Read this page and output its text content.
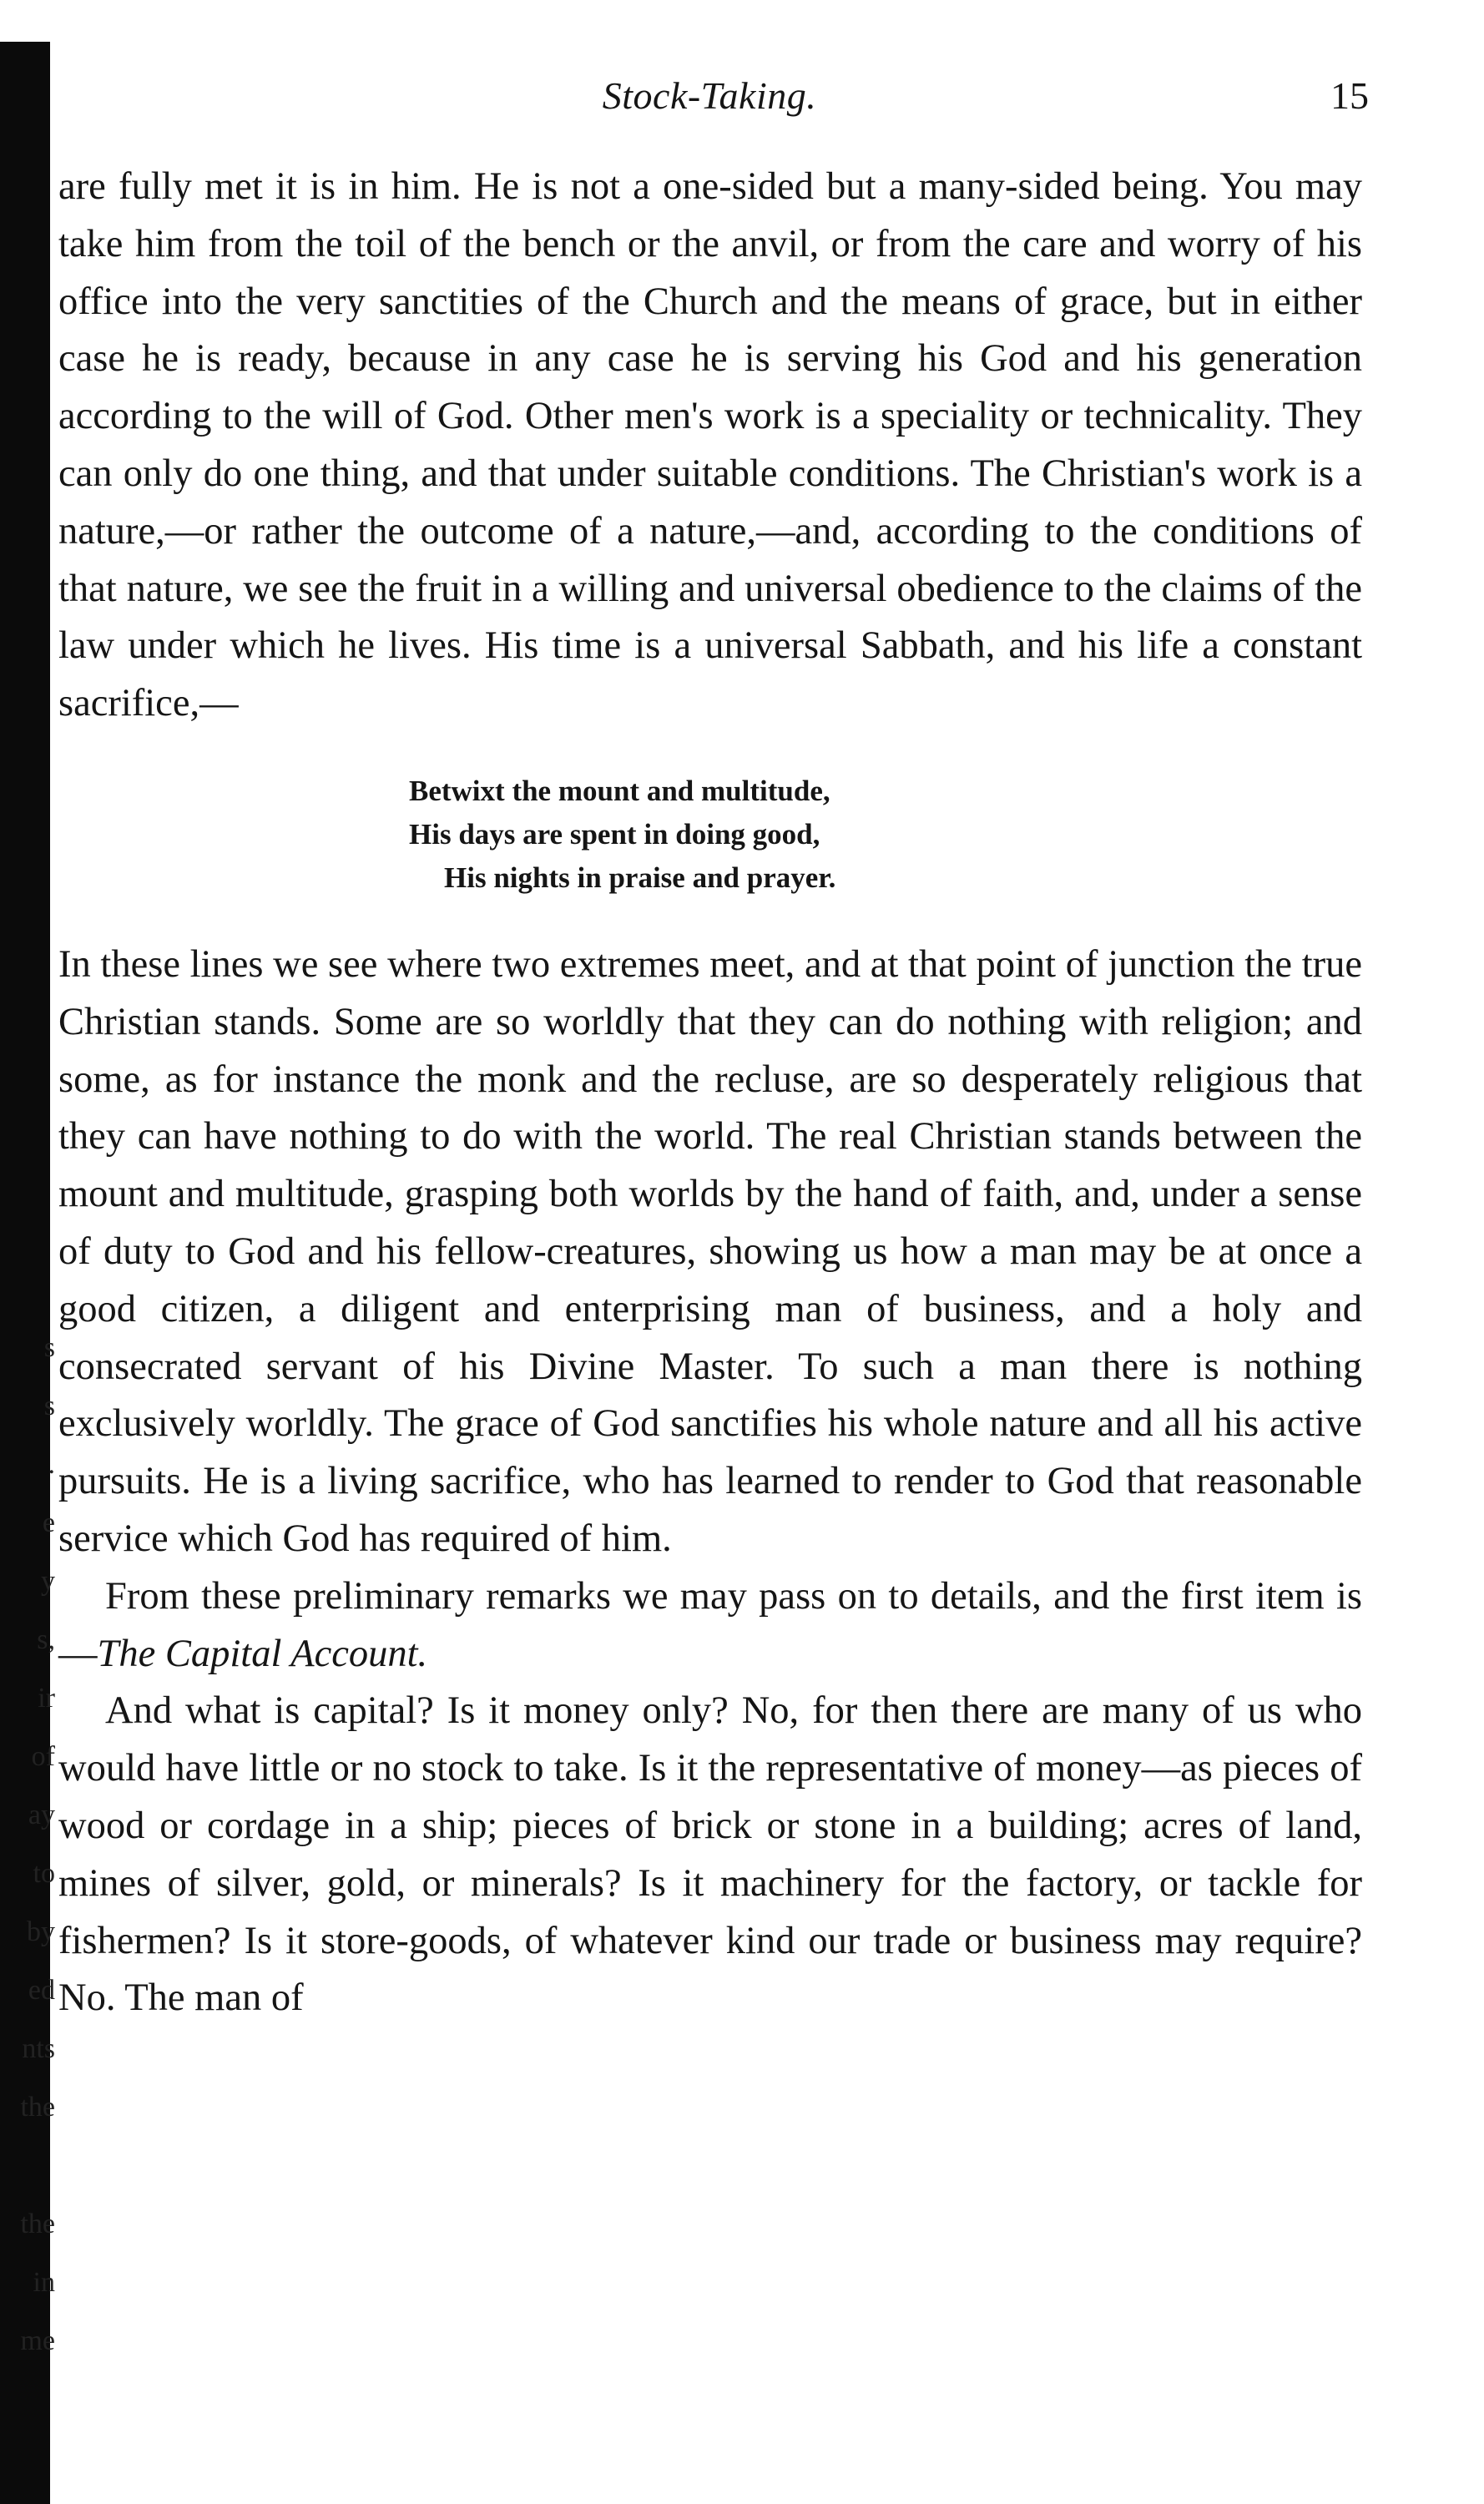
s
s
.
e
y
s,
ir
of
ay
to
by
ed
nts
the
the
in
me
Stock-Taking.	15

are fully met it is in him. He is not a one-sided but a many-sided being. You may take him from the toil of the bench or the anvil, or from the care and worry of his office into the very sanctities of the Church and the means of grace, but in either case he is ready, because in any case he is serving his God and his generation according to the will of God. Other men's work is a speciality or technicality. They can only do one thing, and that under suitable conditions. The Christian's work is a nature,—or rather the outcome of a nature,—and, according to the conditions of that nature, we see the fruit in a willing and universal obedience to the claims of the law under which he lives. His time is a universal Sabbath, and his life a constant sacrifice,—

Betwixt the mount and multitude,
His days are spent in doing good,
His nights in praise and prayer.

In these lines we see where two extremes meet, and at that point of junction the true Christian stands. Some are so worldly that they can do nothing with religion; and some, as for instance the monk and the recluse, are so desperately religious that they can have nothing to do with the world. The real Christian stands between the mount and multitude, grasping both worlds by the hand of faith, and, under a sense of duty to God and his fellow-creatures, showing us how a man may be at once a good citizen, a diligent and enterprising man of business, and a holy and consecrated servant of his Divine Master. To such a man there is nothing exclusively worldly. The grace of God sanctifies his whole nature and all his active pursuits. He is a living sacrifice, who has learned to render to God that reasonable service which God has required of him.

From these preliminary remarks we may pass on to details, and the first item is—The Capital Account.

And what is capital? Is it money only? No, for then there are many of us who would have little or no stock to take. Is it the representative of money—as pieces of wood or cordage in a ship; pieces of brick or stone in a building; acres of land, mines of silver, gold, or minerals? Is it machinery for the factory, or tackle for fishermen? Is it store-goods, of whatever kind our trade or business may require? No. The man of
